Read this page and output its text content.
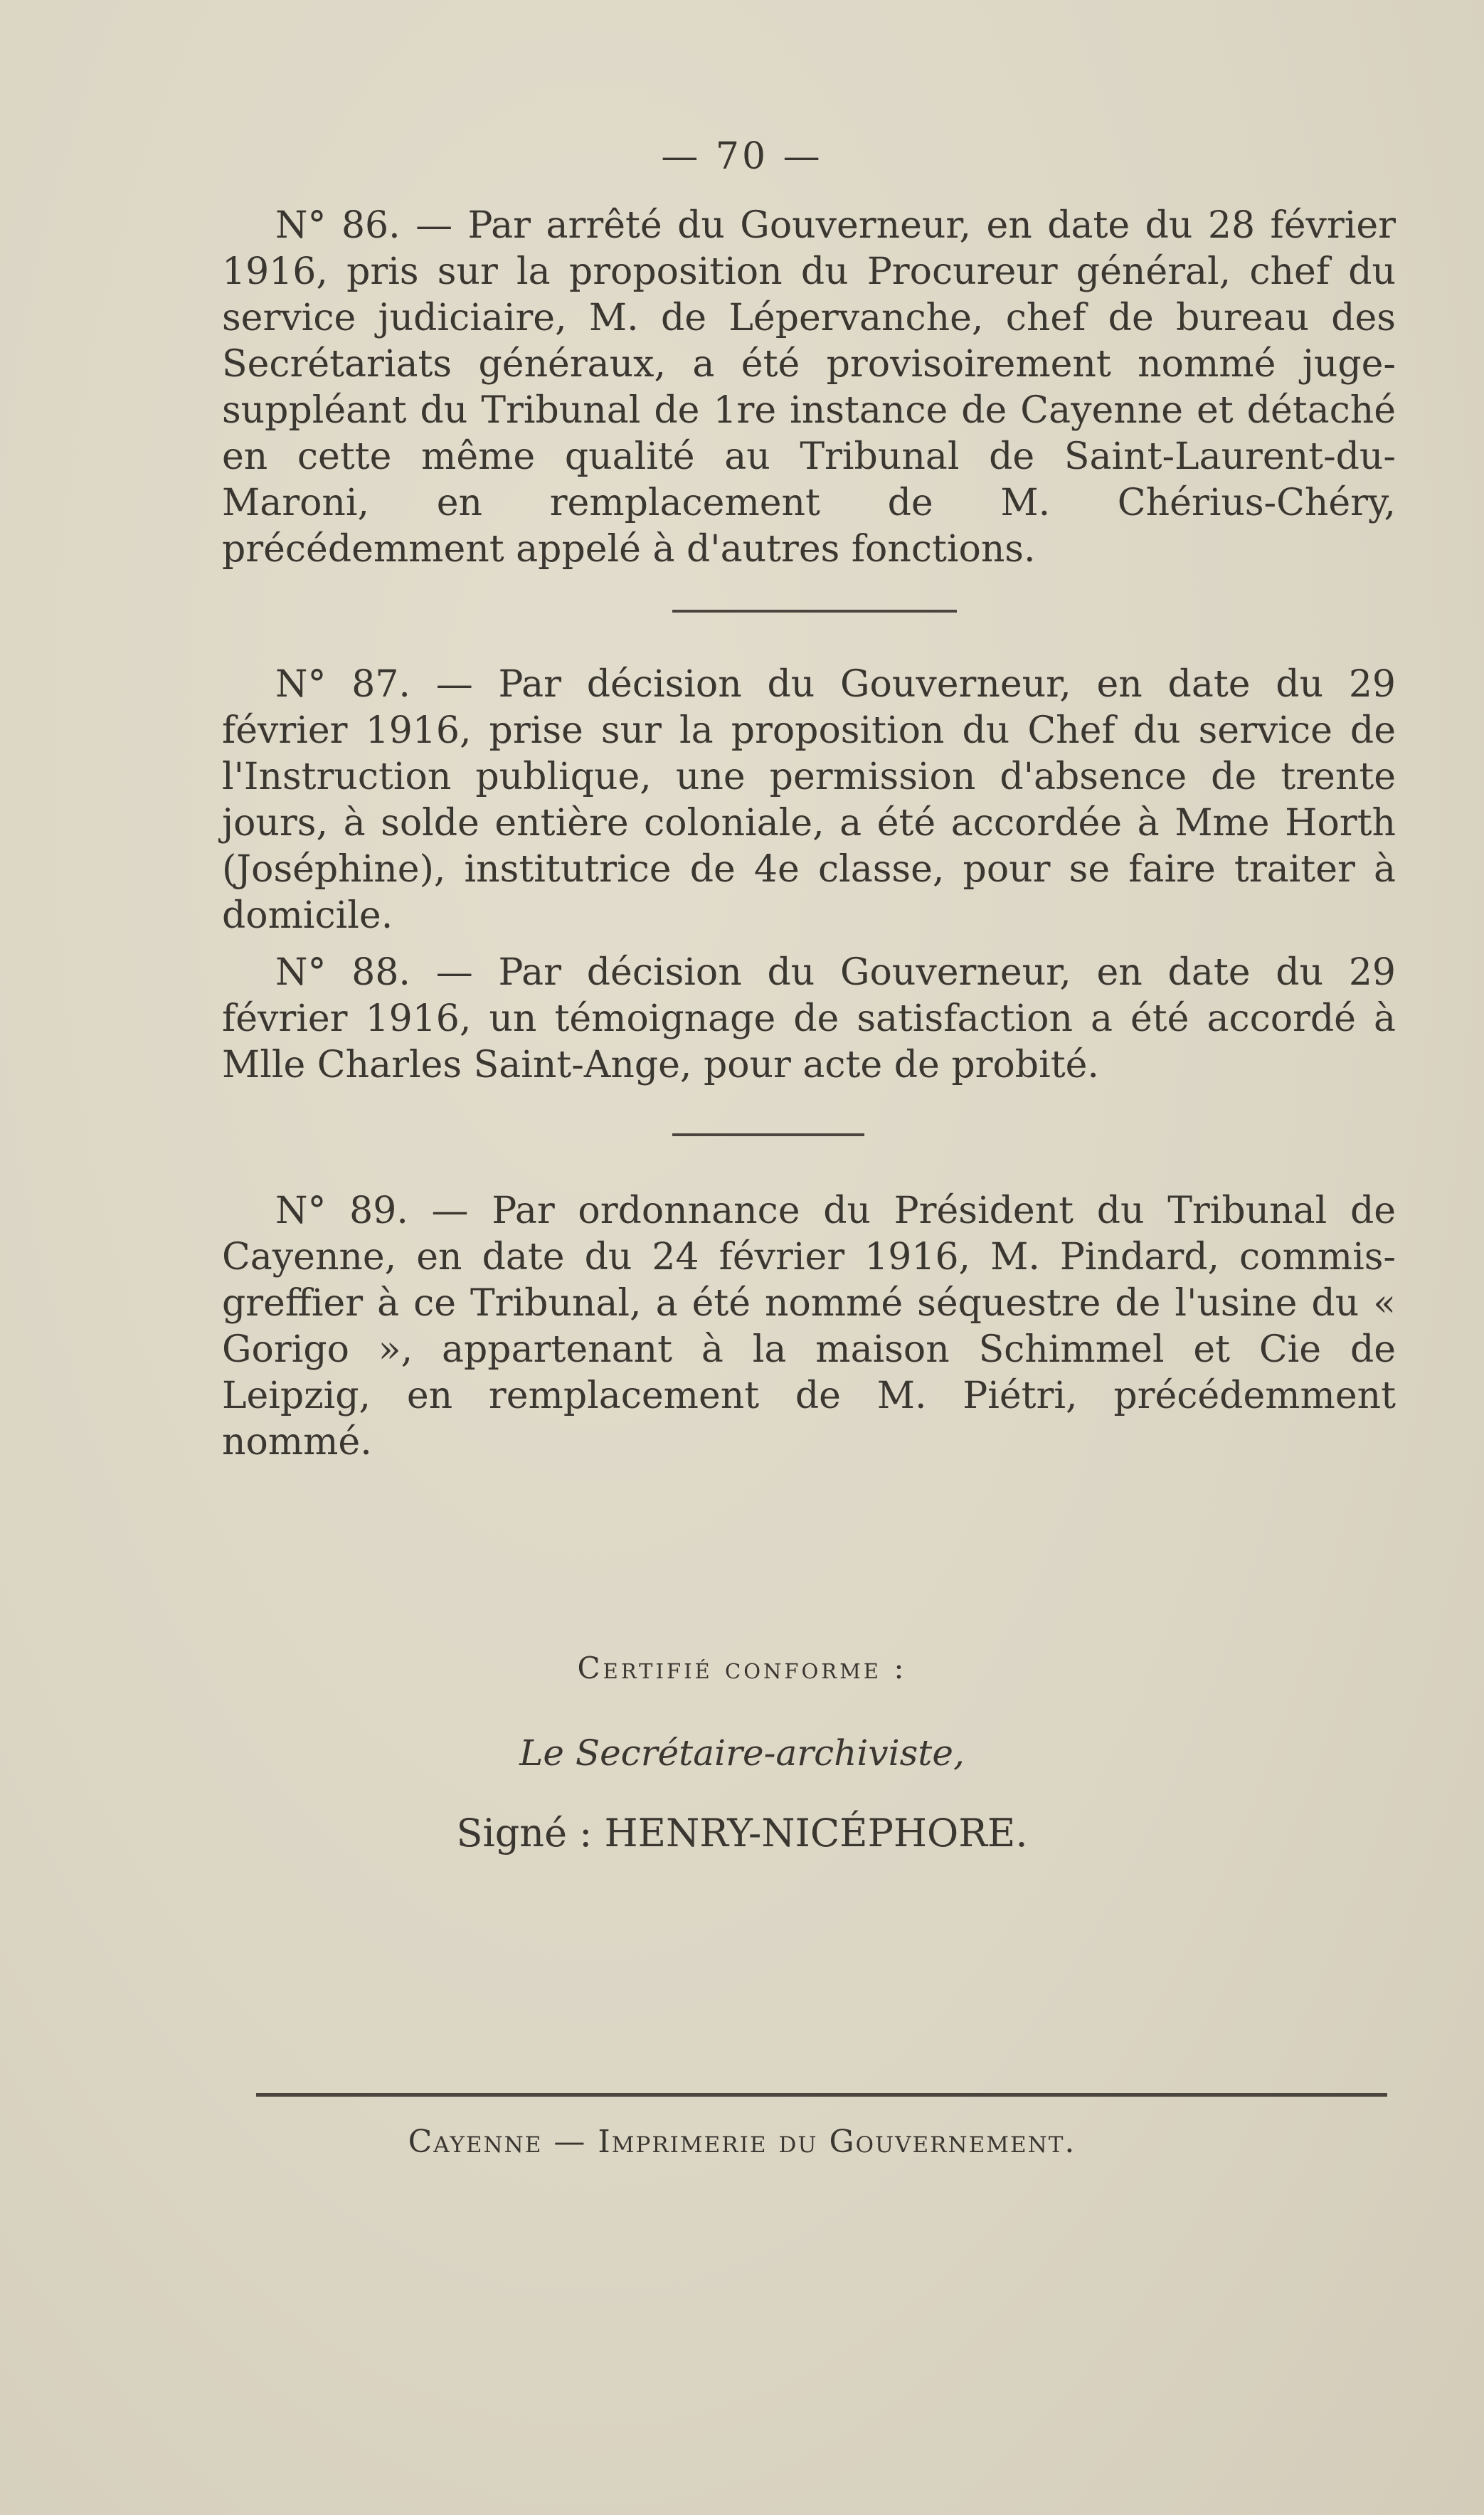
— 70 —

N° 86. — Par arrêté du Gouverneur, en date du 28 février 1916, pris sur la proposition du Procureur général, chef du service judiciaire, M. de Lépervanche, chef de bureau des Secrétariats généraux, a été provisoirement nommé juge-suppléant du Tribunal de 1re instance de Cayenne et détaché en cette même qualité au Tribunal de Saint-Laurent-du-Maroni, en remplacement de M. Chérius-Chéry, précédemment appelé à d'autres fonctions.

N° 87. — Par décision du Gouverneur, en date du 29 février 1916, prise sur la proposition du Chef du service de l'Instruction publique, une permission d'absence de trente jours, à solde entière coloniale, a été accordée à Mme Horth (Joséphine), institutrice de 4e classe, pour se faire traiter à domicile.

N° 88. — Par décision du Gouverneur, en date du 29 février 1916, un témoignage de satisfaction a été accordé à Mlle Charles Saint-Ange, pour acte de probité.

N° 89. — Par ordonnance du Président du Tribunal de Cayenne, en date du 24 février 1916, M. Pindard, commis-greffier à ce Tribunal, a été nommé séquestre de l'usine du « Gorigo », appartenant à la maison Schimmel et Cie de Leipzig, en remplacement de M. Piétri, précédemment nommé.

Certifié conforme :
Le Secrétaire-archiviste,
Signé : HENRY-NICÉPHORE.
Cayenne — Imprimerie du Gouvernement.
